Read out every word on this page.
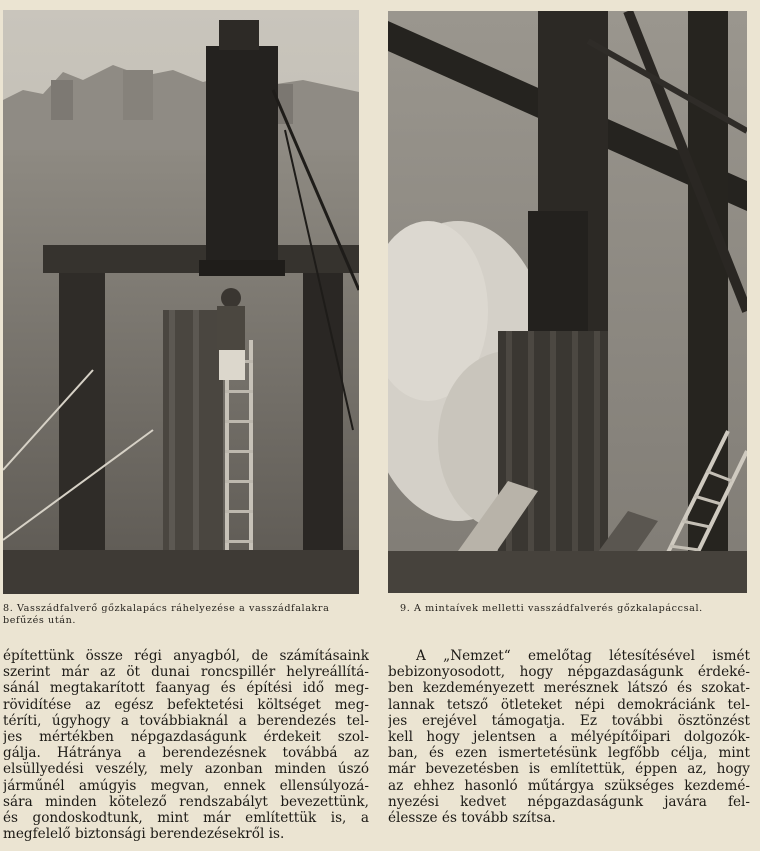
8. Vasszádfalverő gőzkalapács ráhelyezése a vasszádfalakra befűzés után.
9. A mintaívek melletti vasszádfalverés gőzkalapáccsal.
építettünk össze régi anyagból, de számításaink
szerint már az öt dunai roncspillér helyreállítá-
sánál megtakarított faanyag és építési idő meg-
rövidítése az egész befektetési költséget meg-
téríti, úgyhogy a továbbiaknál a berendezés tel-
jes mértékben népgazdaságunk érdekeit szol-
gálja. Hátránya a berendezésnek továbbá az
elsüllyedési veszély, mely azonban minden úszó
járműnél amúgyis megvan, ennek ellensúlyozá-
sára minden kötelező rendszabályt bevezettünk,
és gondoskodtunk, mint már említettük is, a
megfelelő biztonsági berendezésekről is.
A „Nemzet“ emelőtag létesítésével ismét
bebizonyosodott, hogy népgazdaságunk érdeké-
ben kezdeményezett merésznek látszó és szokat-
lannak tetsző ötleteket népi demokráciánk tel-
jes erejével támogatja. Ez további ösztönzést
kell hogy jelentsen a mélyépítőipari dolgozók-
ban, és ezen ismertetésünk legfőbb célja, mint
már bevezetésben is említettük, éppen az, hogy
az ehhez hasonló műtárgya szükséges kezdemé-
nyezési kedvet népgazdaságunk javára fel-
élessze és tovább szítsa.
